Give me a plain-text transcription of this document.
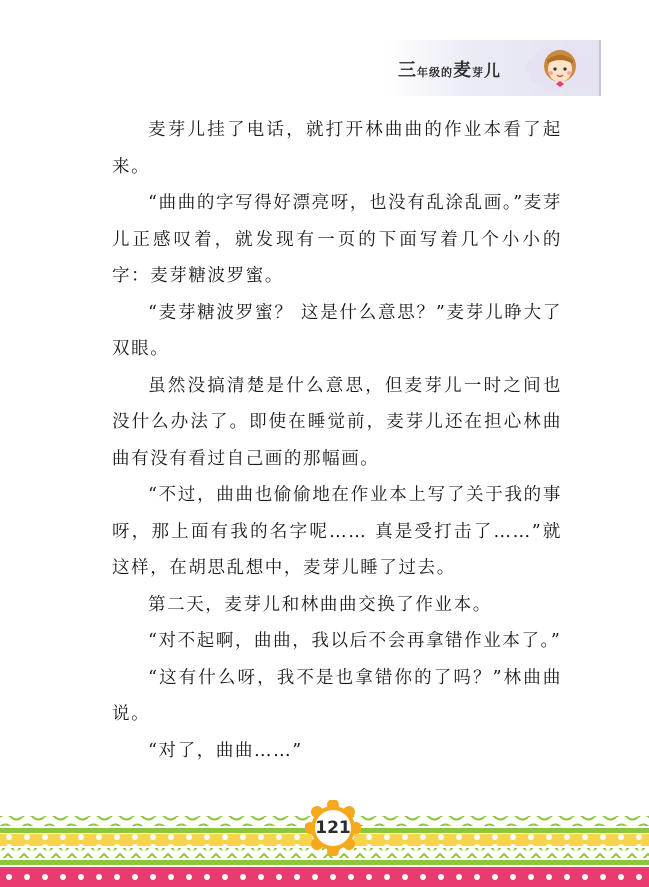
三年级的麦芽儿

麦芽儿挂了电话，就打开林曲曲的作业本看了起来。

“曲曲的字写得好漂亮呀，也没有乱涂乱画。”麦芽儿正感叹着，就发现有一页的下面写着几个小小的字：麦芽糖波罗蜜。

“麦芽糖波罗蜜？ 这是什么意思？”麦芽儿睁大了双眼。

虽然没搞清楚是什么意思，但麦芽儿一时之间也没什么办法了。即使在睡觉前，麦芽儿还在担心林曲曲有没有看过自己画的那幅画。

“不过，曲曲也偷偷地在作业本上写了关于我的事呀，那上面有我的名字呢…… 真是受打击了……”就这样，在胡思乱想中，麦芽儿睡了过去。

第二天，麦芽儿和林曲曲交换了作业本。

“对不起啊，曲曲，我以后不会再拿错作业本了。”

“这有什么呀，我不是也拿错你的了吗？”林曲曲说。

“对了，曲曲……”

121
